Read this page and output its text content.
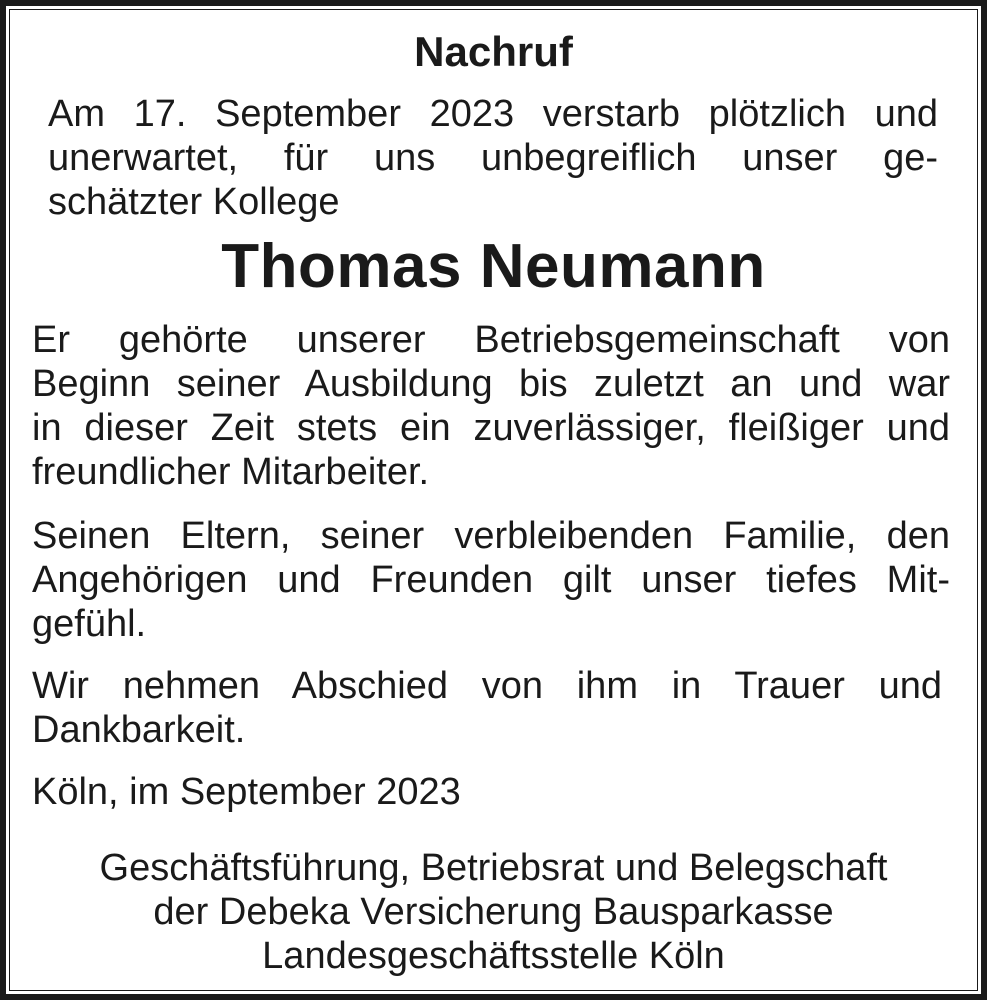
Nachruf
Am 17. September 2023 verstarb plötzlich und
unerwartet, für uns unbegreiflich unser ge-
schätzter Kollege
Thomas Neumann
Er gehörte unserer Betriebsgemeinschaft von
Beginn seiner Ausbildung bis zuletzt an und war
in dieser Zeit stets ein zuverlässiger, fleißiger und
freundlicher Mitarbeiter.
Seinen Eltern, seiner verbleibenden Familie, den
Angehörigen und Freunden gilt unser tiefes Mit-
gefühl.
Wir nehmen Abschied von ihm in Trauer und
Dankbarkeit.
Köln, im September 2023
Geschäftsführung, Betriebsrat und Belegschaft
der Debeka Versicherung Bausparkasse
Landesgeschäftsstelle Köln
